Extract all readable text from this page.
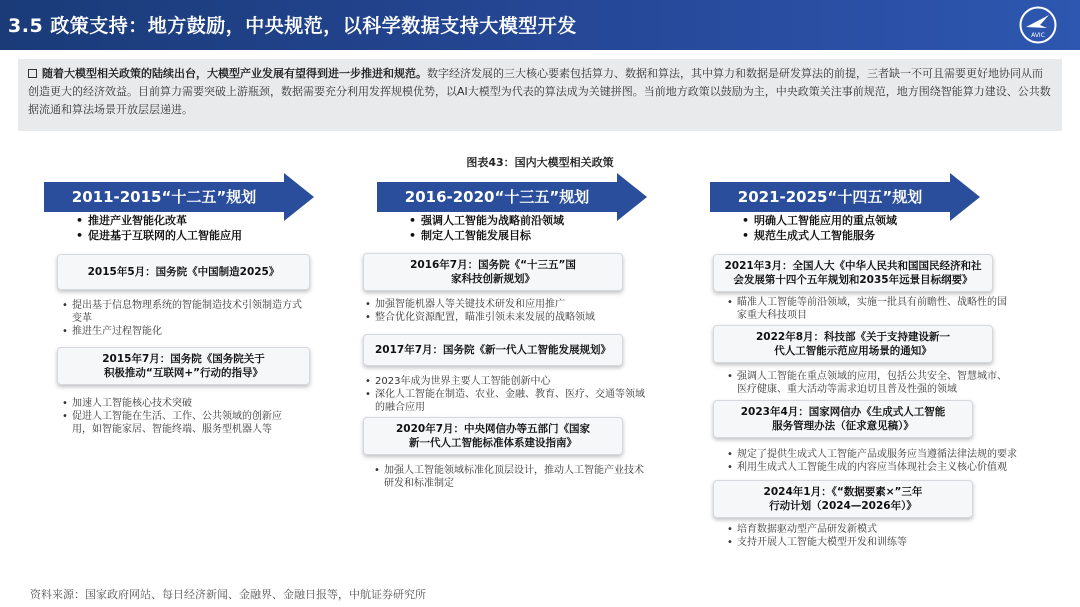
3.5 政策支持：地方鼓励，中央规范，以科学数据支持大模型开发	AVIC
随着大模型相关政策的陆续出台，大模型产业发展有望得到进一步推进和规范。数字经济发展的三大核心要素包括算力、数据和算法，其中算力和数据是研发算法的前提，三者缺一不可且需要更好地协同从而创造更大的经济效益。目前算力需要突破上游瓶颈，数据需要充分利用发挥规模优势，以AI大模型为代表的算法成为关键拼图。当前地方政策以鼓励为主，中央政策关注事前规范，地方围绕智能算力建设、公共数据流通和算法场景开放层层递进。
图表43：国内大模型相关政策
2011-2015“十二五”规划
• 推进产业智能化改革
• 促进基于互联网的人工智能应用
2015年5月：国务院《中国制造2025》
• 提出基于信息物理系统的智能制造技术引领制造方式变革
• 推进生产过程智能化
2015年7月：国务院《国务院关于积极推动“互联网+”行动的指导》
• 加速人工智能核心技术突破
• 促进人工智能在生活、工作、公共领域的创新应用，如智能家居、智能终端、服务型机器人等
2016-2020“十三五”规划
• 强调人工智能为战略前沿领域
• 制定人工智能发展目标
2016年7月：国务院《“十三五”国家科技创新规划》
• 加强智能机器人等关键技术研发和应用推广
• 整合优化资源配置，瞄准引领未来发展的战略领域
2017年7月：国务院《新一代人工智能发展规划》
• 2023年成为世界主要人工智能创新中心
• 深化人工智能在制造、农业、金融、教育、医疗、交通等领域的融合应用
2020年7月：中央网信办等五部门《国家新一代人工智能标准体系建设指南》
• 加强人工智能领域标准化顶层设计，推动人工智能产业技术研发和标准制定
2021-2025“十四五”规划
• 明确人工智能应用的重点领域
• 规范生成式人工智能服务
2021年3月：全国人大《中华人民共和国国民经济和社会发展第十四个五年规划和2035年远景目标纲要》
• 瞄准人工智能等前沿领域，实施一批具有前瞻性、战略性的国家重大科技项目
2022年8月：科技部《关于支持建设新一代人工智能示范应用场景的通知》
• 强调人工智能在重点领域的应用，包括公共安全、智慧城市、医疗健康、重大活动等需求迫切且普及性强的领域
2023年4月：国家网信办《生成式人工智能服务管理办法（征求意见稿）》
• 规定了提供生成式人工智能产品或服务应当遵循法律法规的要求
• 利用生成式人工智能生成的内容应当体现社会主义核心价值观
2024年1月：《“数据要素×”三年行动计划（2024—2026年）》
• 培育数据驱动型产品研发新模式
• 支持开展人工智能大模型开发和训练等
资料来源：国家政府网站、每日经济新闻、金融界、金融日报等，中航证券研究所
